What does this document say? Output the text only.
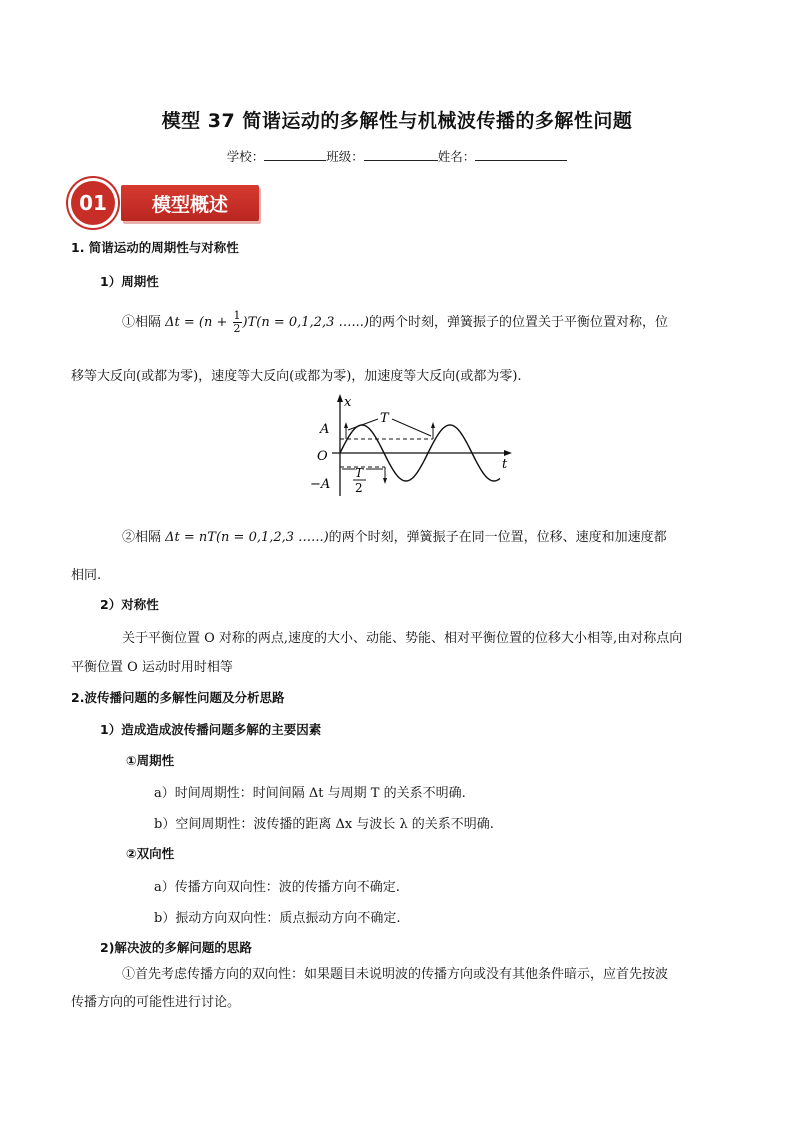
模型 37 简谐运动的多解性与机械波传播的多解性问题
学校：	班级：	姓名：
01	模型概述
1. 简谐运动的周期性与对称性
1）周期性
①相隔 $\Delta t = (n + \frac{1}{2} )T(n = 0,1,2,3$ …...)的两个时刻，弹簧振子的位置关于平衡位置对称，位
移等大反向(或都为零)，速度等大反向(或都为零)，加速度等大反向(或都为零).
x
t
A
O
−A
T
T
2
②相隔 Δt = nT(n = 0,1,2,3 …...)的两个时刻，弹簧振子在同一位置，位移、速度和加速度都
相同.
2）对称性
关于平衡位置 O 对称的两点,速度的大小、动能、势能、相对平衡位置的位移大小相等,由对称点向
平衡位置 O 运动时用时相等
2.波传播问题的多解性问题及分析思路
1）造成造成波传播问题多解的主要因素
①周期性
a）时间周期性：时间间隔 Δt 与周期 T 的关系不明确.
b）空间周期性：波传播的距离 Δx 与波长 λ 的关系不明确.
②双向性
a）传播方向双向性：波的传播方向不确定.
b）振动方向双向性：质点振动方向不确定.
2)解决波的多解问题的思路
①首先考虑传播方向的双向性：如果题目未说明波的传播方向或没有其他条件暗示，应首先按波
传播方向的可能性进行讨论。
